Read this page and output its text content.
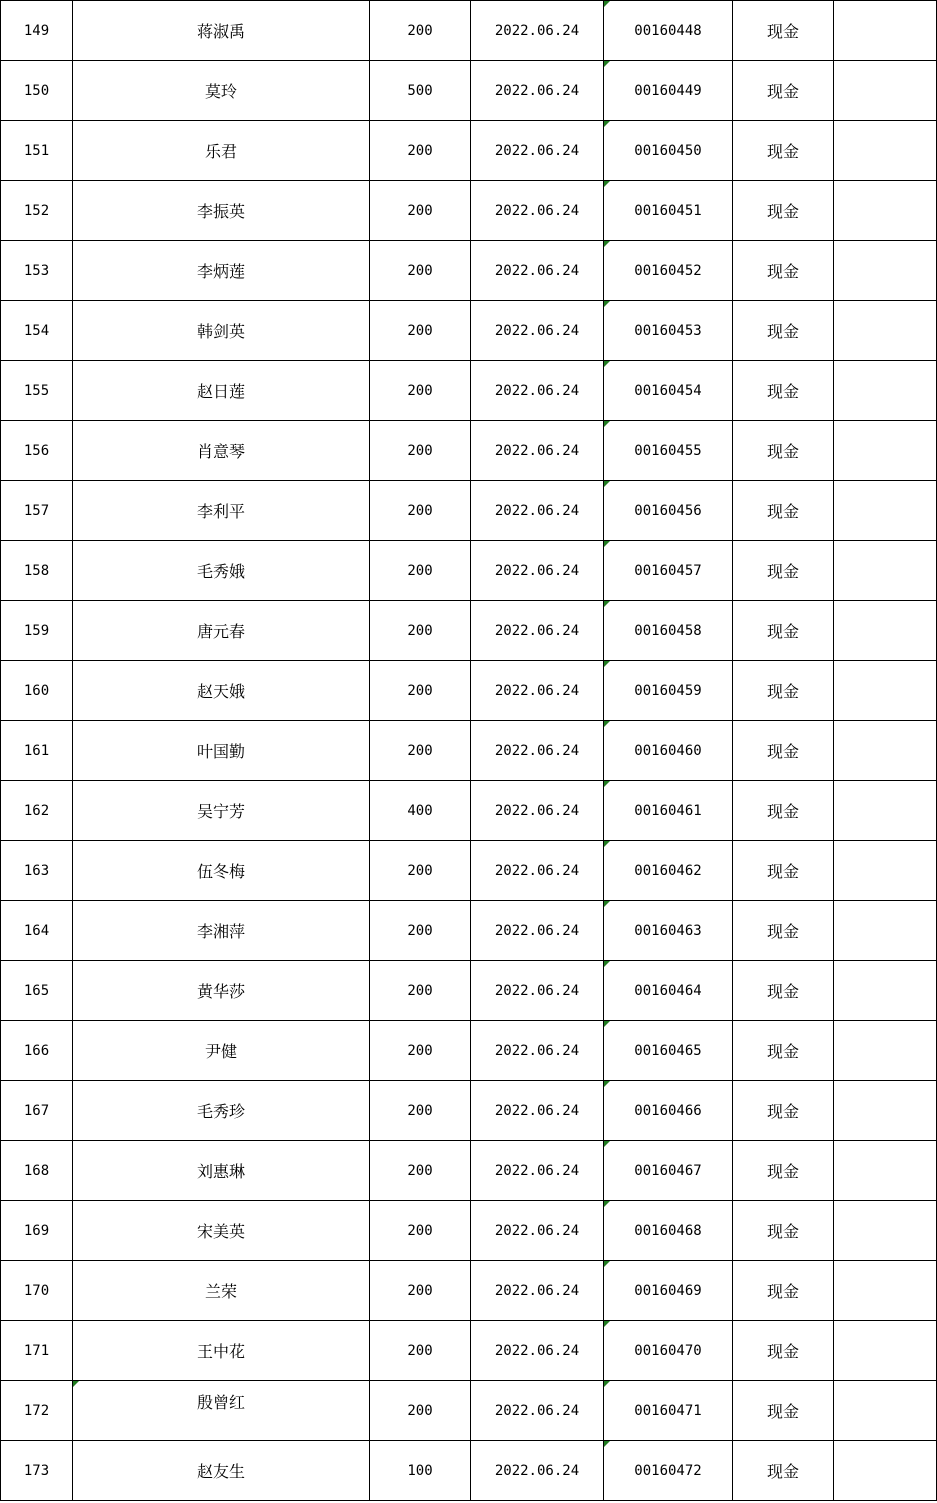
149	蒋淑禹	200	2022.06.24	00160448	现金	
150	莫玲	500	2022.06.24	00160449	现金	
151	乐君	200	2022.06.24	00160450	现金	
152	李振英	200	2022.06.24	00160451	现金	
153	李炳莲	200	2022.06.24	00160452	现金	
154	韩剑英	200	2022.06.24	00160453	现金	
155	赵日莲	200	2022.06.24	00160454	现金	
156	肖意琴	200	2022.06.24	00160455	现金	
157	李利平	200	2022.06.24	00160456	现金	
158	毛秀娥	200	2022.06.24	00160457	现金	
159	唐元春	200	2022.06.24	00160458	现金	
160	赵天娥	200	2022.06.24	00160459	现金	
161	叶国勤	200	2022.06.24	00160460	现金	
162	吴宁芳	400	2022.06.24	00160461	现金	
163	伍冬梅	200	2022.06.24	00160462	现金	
164	李湘萍	200	2022.06.24	00160463	现金	
165	黄华莎	200	2022.06.24	00160464	现金	
166	尹健	200	2022.06.24	00160465	现金	
167	毛秀珍	200	2022.06.24	00160466	现金	
168	刘惠琳	200	2022.06.24	00160467	现金	
169	宋美英	200	2022.06.24	00160468	现金	
170	兰荣	200	2022.06.24	00160469	现金	
171	王中花	200	2022.06.24	00160470	现金	
172	殷曾红	200	2022.06.24	00160471	现金	
173	赵友生	100	2022.06.24	00160472	现金	
